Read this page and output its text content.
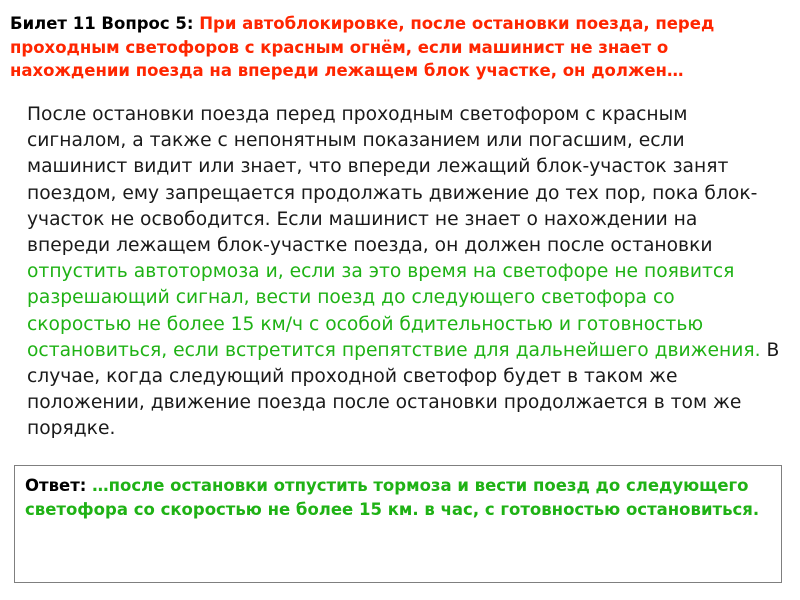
Билет 11 Вопрос 5: При автоблокировке, после остановки поезда, перед проходным светофоров с красным огнём, если машинист не знает о нахождении поезда на впереди лежащем блок участке, он должен…
После остановки поезда перед проходным светофором с красным сигналом, а также с непонятным показанием или погасшим, если машинист видит или знает, что впереди лежащий блок-участок занят поездом, ему запрещается продолжать движение до тех пор, пока блок-участок не освободится. Если машинист не знает о нахождении на впереди лежащем блок-участке поезда, он должен после остановки отпустить автотормоза и, если за это время на светофоре не появится разрешающий сигнал, вести поезд до следующего светофора со скоростью не более 15 км/ч с особой бдительностью и готовностью остановиться, если встретится препятствие для дальнейшего движения. В случае, когда следующий проходной светофор будет в таком же положении, движение поезда после остановки продолжается в том же порядке.
Ответ: …после остановки отпустить тормоза и вести поезд до следующего светофора со скоростью не более 15 км. в час, с готовностью остановиться.
